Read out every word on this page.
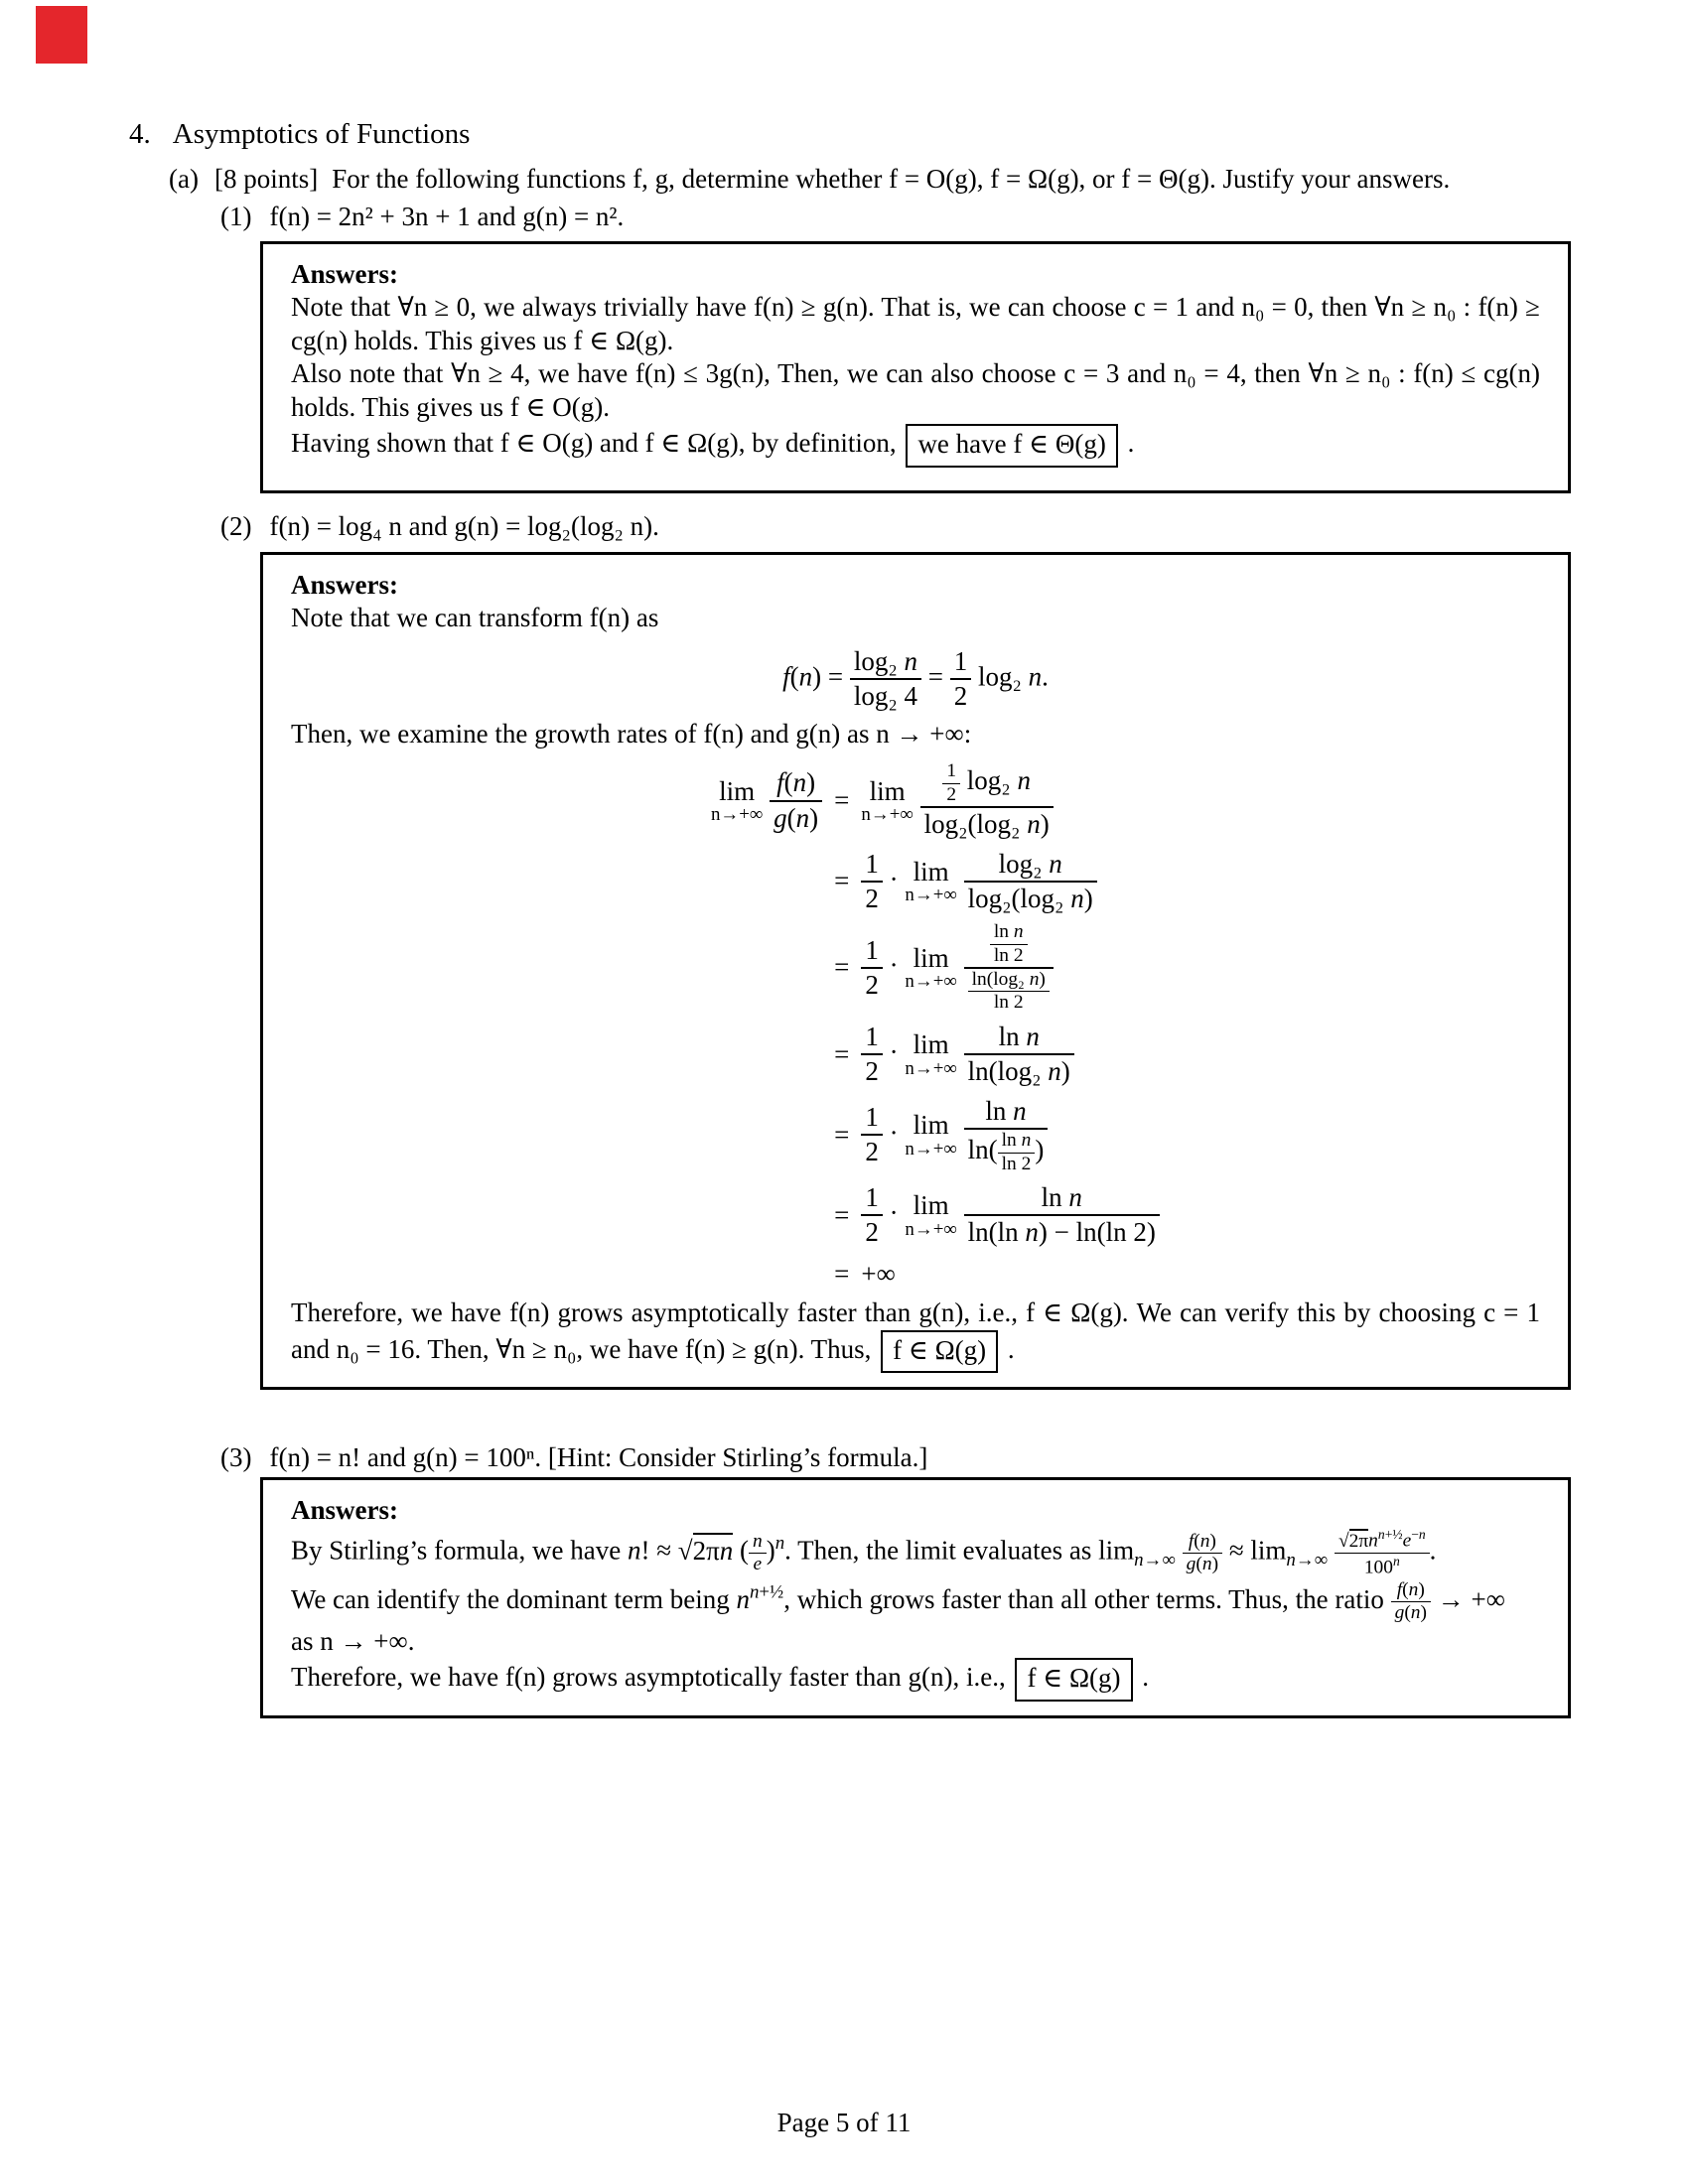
4. Asymptotics of Functions
(a) [8 points] For the following functions f, g, determine whether f = O(g), f = Ω(g), or f = Θ(g). Justify your answers.
(1) f(n) = 2n² + 3n + 1 and g(n) = n².
Answers:
Note that ∀n ≥ 0, we always trivially have f(n) ≥ g(n). That is, we can choose c = 1 and n₀ = 0, then ∀n ≥ n₀ : f(n) ≥ cg(n) holds. This gives us f ∈ Ω(g).
Also note that ∀n ≥ 4, we have f(n) ≤ 3g(n), Then, we can also choose c = 3 and n₀ = 4, then ∀n ≥ n₀ : f(n) ≤ cg(n) holds. This gives us f ∈ O(g).
Having shown that f ∈ O(g) and f ∈ Ω(g), by definition, we have f ∈ Θ(g) .
(2) f(n) = log₄ n and g(n) = log₂(log₂ n).
Answers:
Note that we can transform f(n) as
$f(n) = \frac{\text{log₂ n}}{\text{log₂ 4}} = \frac{1}{2} \log_2$ n.
Then, we examine the growth rates of f(n) and g(n) as n → +∞:
lim
n→+∞
$\frac{f(n)}{g(n)} = \lim$
n→+∞
$\frac{\frac{1}{2} \log_2 n}{\text{log₂(log₂ n)}}$
= $\frac{1}{2} \cdot \lim$
n→+∞
$\frac{\text{log₂ n}}{\text{log₂(log₂ n)}}$
= $\frac{1}{2} \cdot \lim$
n→+∞
$\frac{\frac{\text{ln n}}{\ln 2}}{\frac{\text{ln(log₂ n)}}{\ln 2}}$
= $\frac{1}{2} \cdot \lim$
n→+∞
$\frac{\text{ln n}}{\text{ln(log₂ n)}}$
= $\frac{1}{2} \cdot \lim$
n→+∞
$\frac{\text{ln n}}{\ln( \frac{\text{ln n}}{\ln 2} )}$
= $\frac{1}{2} \cdot \lim$
n→+∞
$\frac{\text{ln n}}{\text{ln(ln n) − ln(ln 2)}}$
= +∞
Therefore, we have f(n) grows asymptotically faster than g(n), i.e., f ∈ Ω(g). We can verify this by choosing c = 1 and n₀ = 16. Then, ∀n ≥ n₀, we have f(n) ≥ g(n). Thus, f ∈ Ω(g) .
(3) f(n) = n! and g(n) = 100ⁿ. [Hint: Consider Stirling’s formula.]
Answers:
By Stirling’s formula, we have n! ≈ √2πn ( $\frac{n}{e} )^n$. Then, the limit evaluates as $\lim_{n\to\infty} \frac{f(n)}{g(n)} \approx \lim_{n\to\infty}$
$√2\pi n^{n+\frac{1}{2}}e^{-n}$
100$^n$	.
We can identify the dominant term being $n^{n+\frac{1}{2}}$, which grows faster than all other terms. Thus, the ratio $\frac{f(n)}{g(n)}$ → +∞
as n → +∞.
Therefore, we have f(n) grows asymptotically faster than g(n), i.e., f ∈ Ω(g) .
Page 5 of 11
